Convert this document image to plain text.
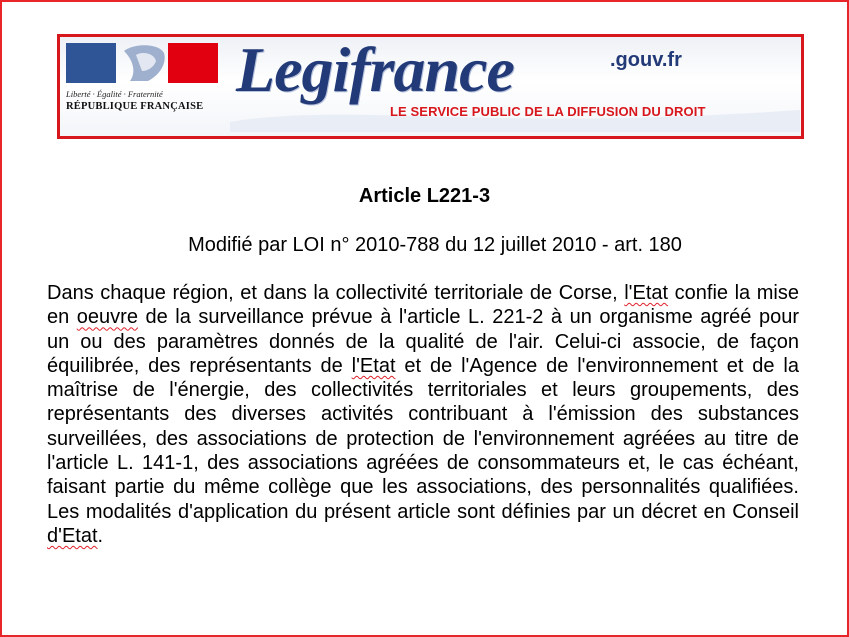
Liberté · Égalité · Fraternité
RÉPUBLIQUE FRANÇAISE
Legifrance	.gouv.fr
LE SERVICE PUBLIC DE LA DIFFUSION DU DROIT
Article L221-3
Modifié par LOI n° 2010-788 du 12 juillet 2010 - art. 180

Dans chaque région, et dans la collectivité territoriale de Corse, l'Etat confie la mise en oeuvre de la surveillance prévue à l'article L. 221-2 à un organisme agréé pour un ou des paramètres donnés de la qualité de l'air. Celui-ci associe, de façon équilibrée, des représentants de l'Etat et de l'Agence de l'environnement et de la maîtrise de l'énergie, des collectivités territoriales et leurs groupements, des représentants des diverses activités contribuant à l'émission des substances surveillées, des associations de protection de l'environnement agréées au titre de l'article L. 141-1, des associations agréées de consommateurs et, le cas échéant, faisant partie du même collège que les associations, des personnalités qualifiées. Les modalités d'application du présent article sont définies par un décret en Conseil d'Etat.
